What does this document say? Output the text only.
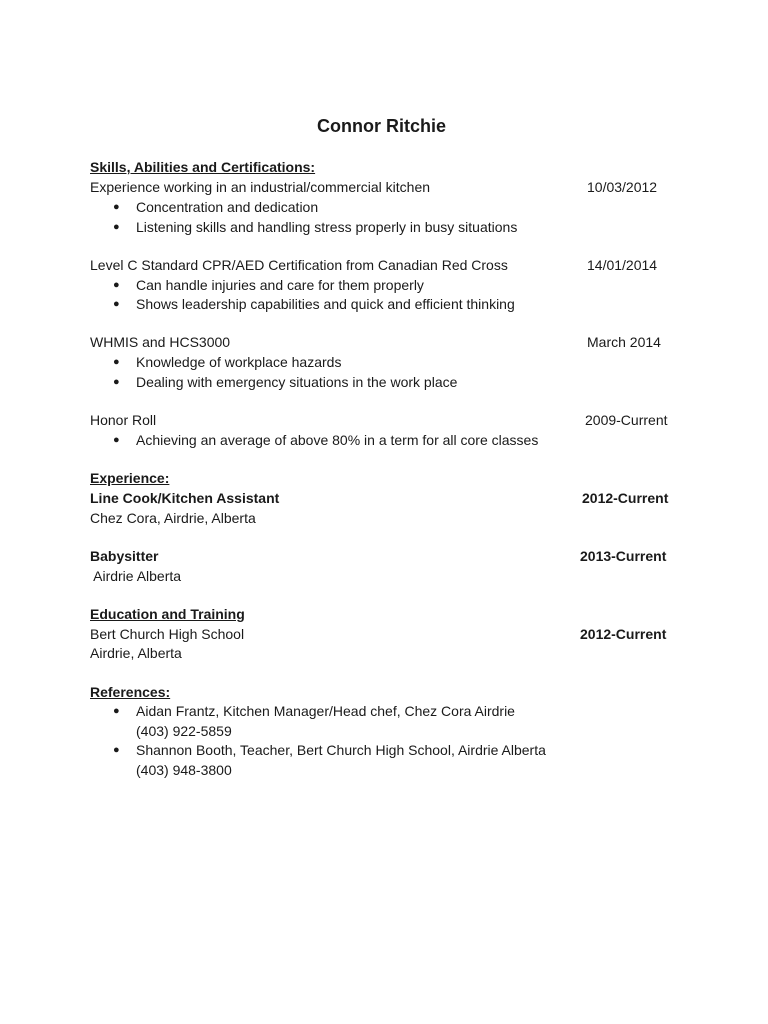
Connor Ritchie
Skills, Abilities and Certifications:
Experience working in an industrial/commercial kitchen	10/03/2012
● Concentration and dedication
● Listening skills and handling stress properly in busy situations
Level C Standard CPR/AED Certification from Canadian Red Cross	14/01/2014
● Can handle injuries and care for them properly
● Shows leadership capabilities and quick and efficient thinking
WHMIS and HCS3000	March 2014
● Knowledge of workplace hazards
● Dealing with emergency situations in the work place
Honor Roll	2009-Current
● Achieving an average of above 80% in a term for all core classes
Experience:
Line Cook/Kitchen Assistant	2012-Current
Chez Cora, Airdrie, Alberta
Babysitter	2013-Current
Airdrie Alberta
Education and Training
Bert Church High School	2012-Current
Airdrie, Alberta
References:
● Aidan Frantz, Kitchen Manager/Head chef, Chez Cora Airdrie
(403) 922-5859
● Shannon Booth, Teacher, Bert Church High School, Airdrie Alberta
(403) 948-3800
